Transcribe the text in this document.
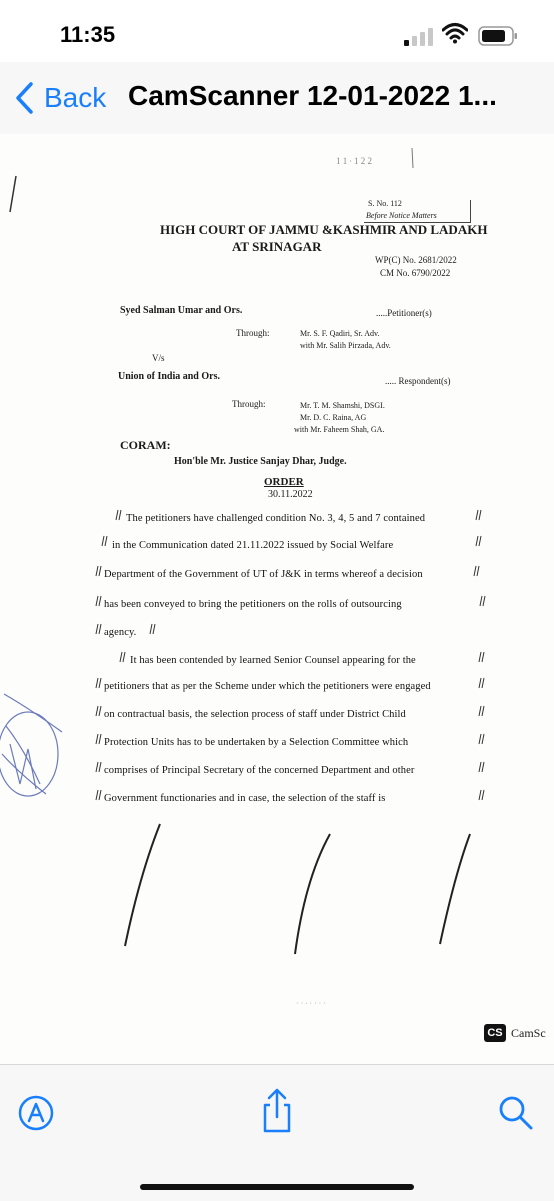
11:35
Back CamScanner 12-01-2022 1...
1 1 ∙ 1 2 2
· · ∙ · · · ·
S. No. 112
Before Notice Matters
HIGH COURT OF JAMMU &KASHMIR AND LADAKH
AT SRINAGAR
WP(C) No. 2681/2022
CM No. 6790/2022
Syed Salman Umar and Ors.	.....Petitioner(s)
Through:	Mr. S. F. Qadiri, Sr. Adv.
with Mr. Salih Pirzada, Adv.
V/s
Union of India and Ors.	..... Respondent(s)
Through:	Mr. T. M. Shamshi, DSGI.
Mr. D. C. Raina, AG
with Mr. Faheem Shah, GA.
CORAM:
Hon'ble Mr. Justice Sanjay Dhar, Judge.
ORDER
30.11.2022
The petitioners have challenged condition No. 3, 4, 5 and 7 contained
in the Communication dated 21.11.2022 issued by Social Welfare
Department of the Government of UT of J&K in terms whereof a decision
has been conveyed to bring the petitioners on the rolls of outsourcing
agency.
It has been contended by learned Senior Counsel appearing for the
petitioners that as per the Scheme under which the petitioners were engaged
on contractual basis, the selection process of staff under District Child
Protection Units has to be undertaken by a Selection Committee which
comprises of Principal Secretary of the concerned Department and other
Government functionaries and in case, the selection of the staff is
CS CamSc
